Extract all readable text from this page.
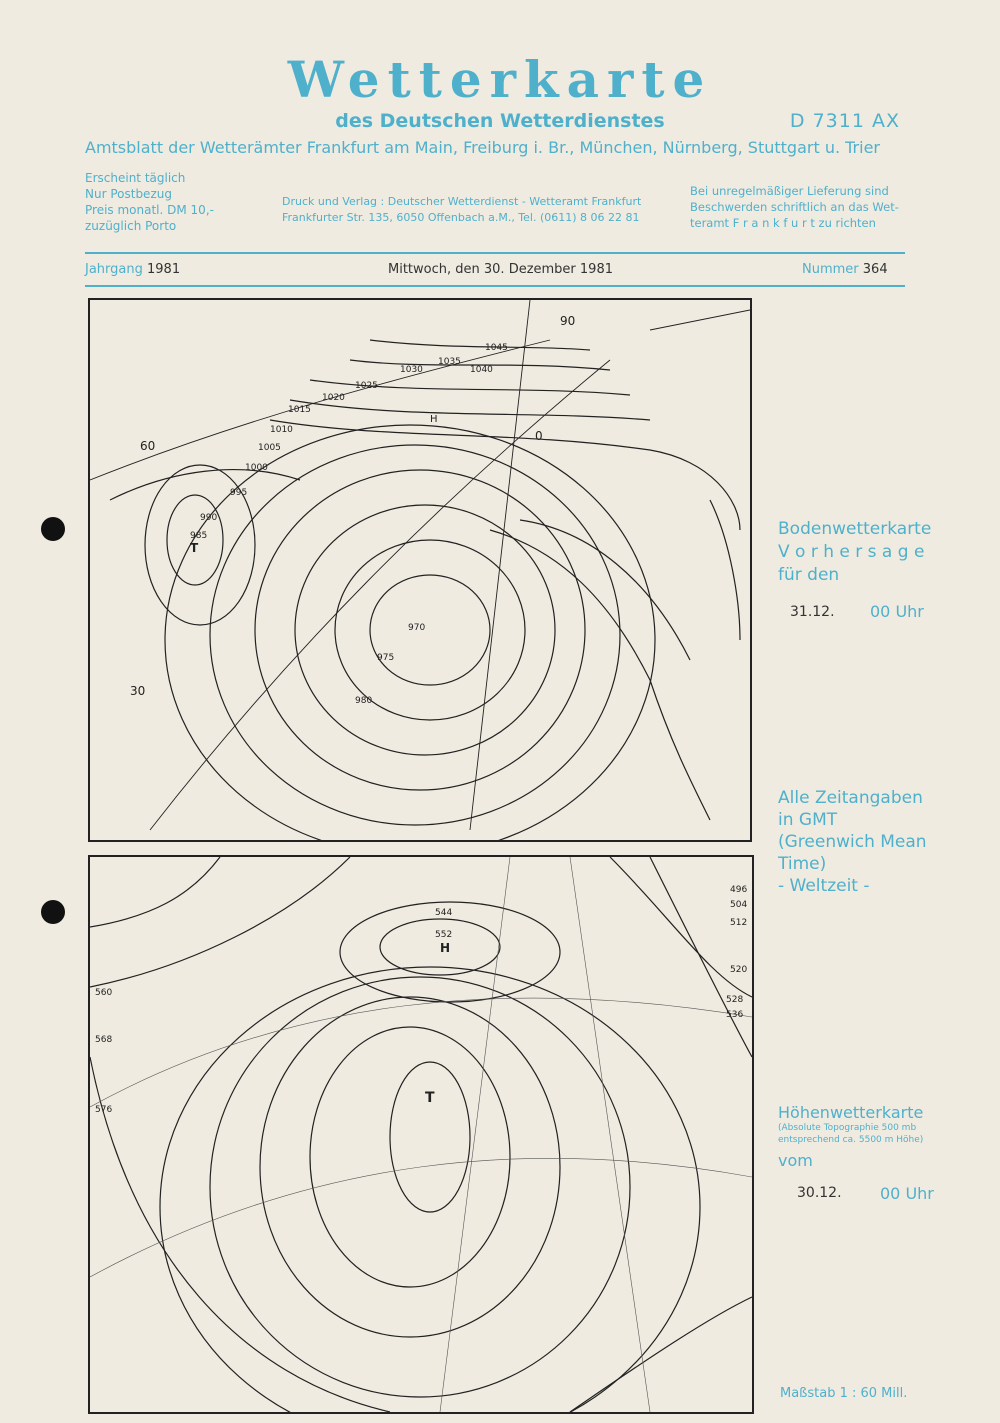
Wetterkarte
des Deutschen Wetterdienstes	D 7311 AX
Amtsblatt der Wetterämter Frankfurt am Main, Freiburg i. Br., München, Nürnberg, Stuttgart u. Trier
Erscheint täglich
Nur Postbezug
Preis monatl. DM 10,-
zuzüglich Porto
Druck und Verlag : Deutscher Wetterdienst - Wetteramt Frankfurt
Frankfurter Str. 135, 6050 Offenbach a.M., Tel. (0611) 8 06 22 81
Bei unregelmäßiger Lieferung sind
Beschwerden schriftlich an das Wet-
teramt F r a n k f u r t zu richten
Jahrgang 1981	Mittwoch, den 30. Dezember 1981	Nummer 364
1045
1040
1035
1030
1025
1020
1015
1010
1005
1000
995
990
985
980
975
970
60
30
90
0
H
T
496
504
512
520
528
536
544
552
560
568
576
H
T
Bodenwetterkarte
V o r h e r s a g e
für den
31.12. 00 Uhr
Alle Zeitangaben
in GMT
(Greenwich Mean
Time)
- Weltzeit -
Höhenwetterkarte
(Absolute Topographie 500 mb
entsprechend ca. 5500 m Höhe)
vom
30.12. 00 Uhr
Maßstab 1 : 60 Mill.
